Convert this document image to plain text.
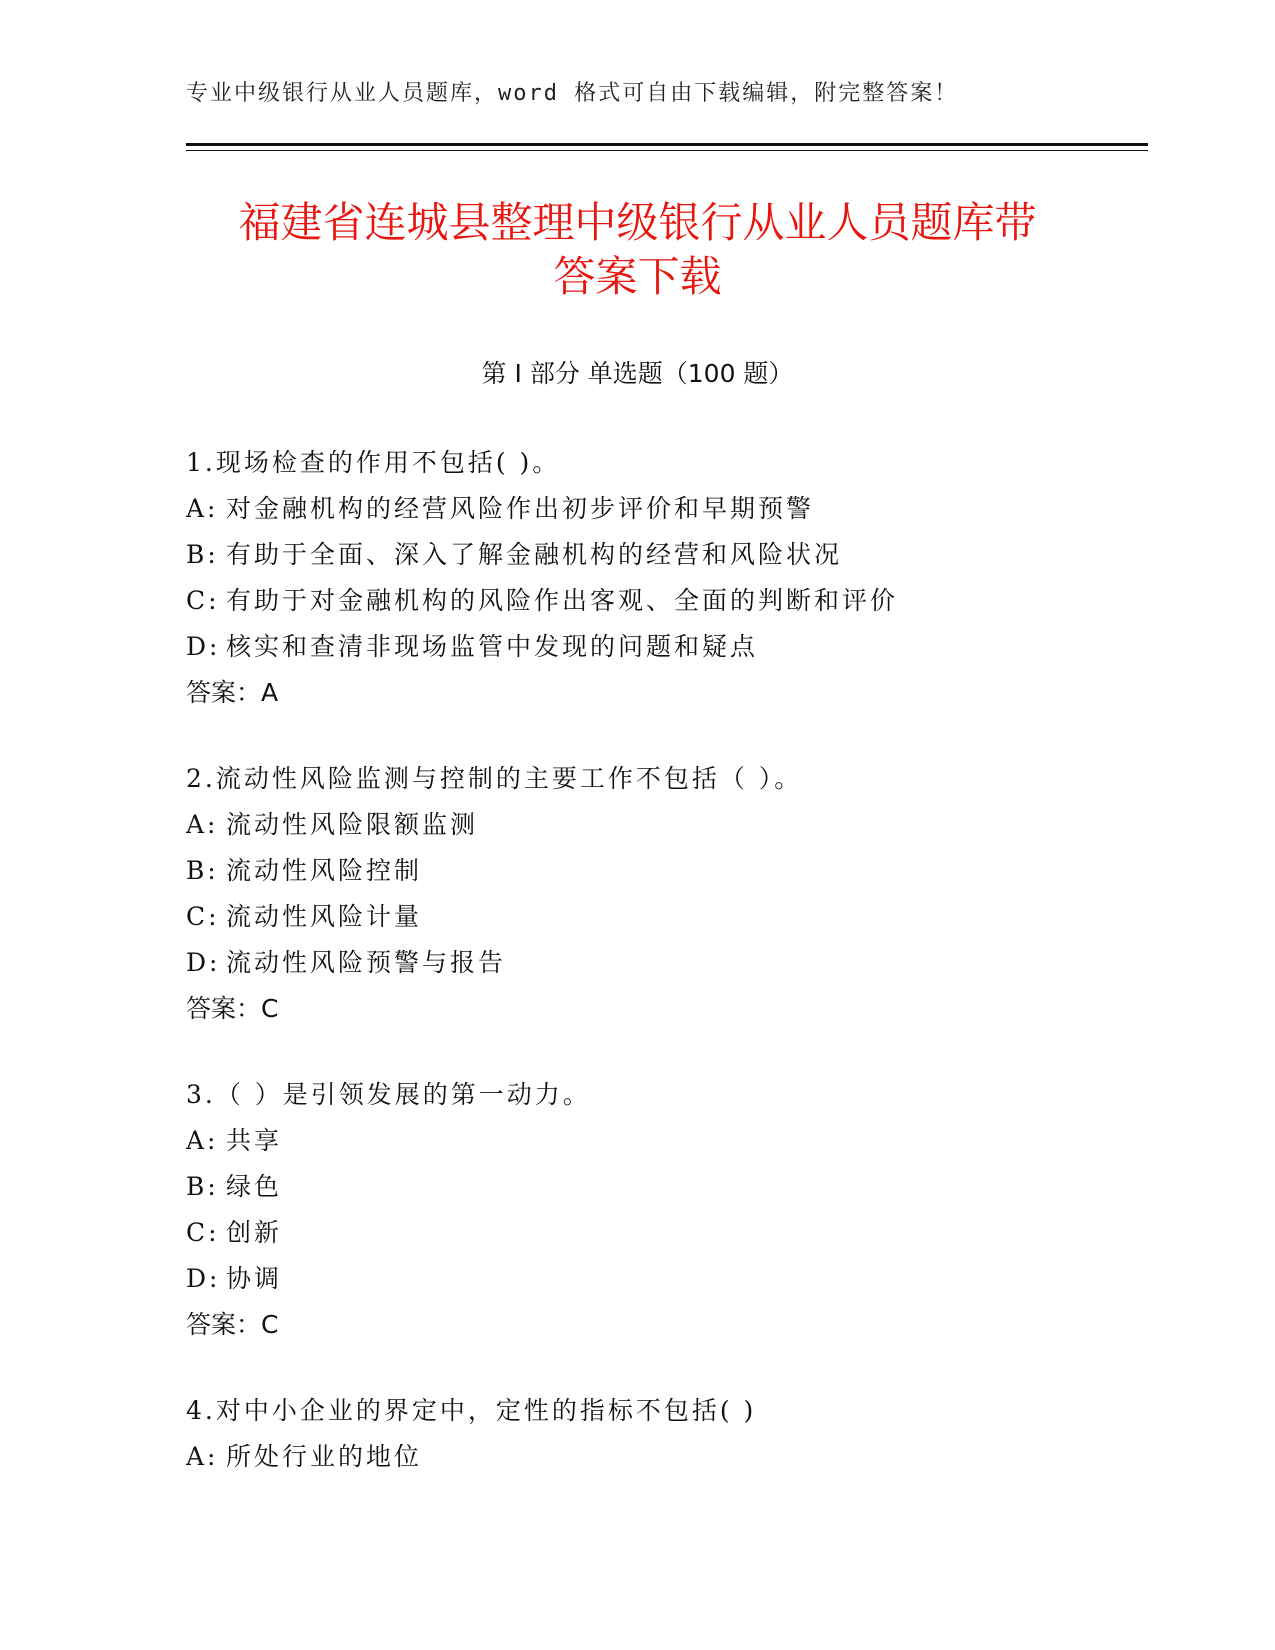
专业中级银行从业人员题库，word 格式可自由下载编辑，附完整答案！
福建省连城县整理中级银行从业人员题库带
答案下载
第 I 部分 单选题（100 题）
1.现场检查的作用不包括( )。
A: 对金融机构的经营风险作出初步评价和早期预警
B: 有助于全面、深入了解金融机构的经营和风险状况
C: 有助于对金融机构的风险作出客观、全面的判断和评价
D: 核实和查清非现场监管中发现的问题和疑点
答案：A
2.流动性风险监测与控制的主要工作不包括（ ）。
A: 流动性风险限额监测
B: 流动性风险控制
C: 流动性风险计量
D: 流动性风险预警与报告
答案：C
3.（ ）是引领发展的第一动力。
A: 共享
B: 绿色
C: 创新
D: 协调
答案：C
4.对中小企业的界定中，定性的指标不包括( )
A: 所处行业的地位
